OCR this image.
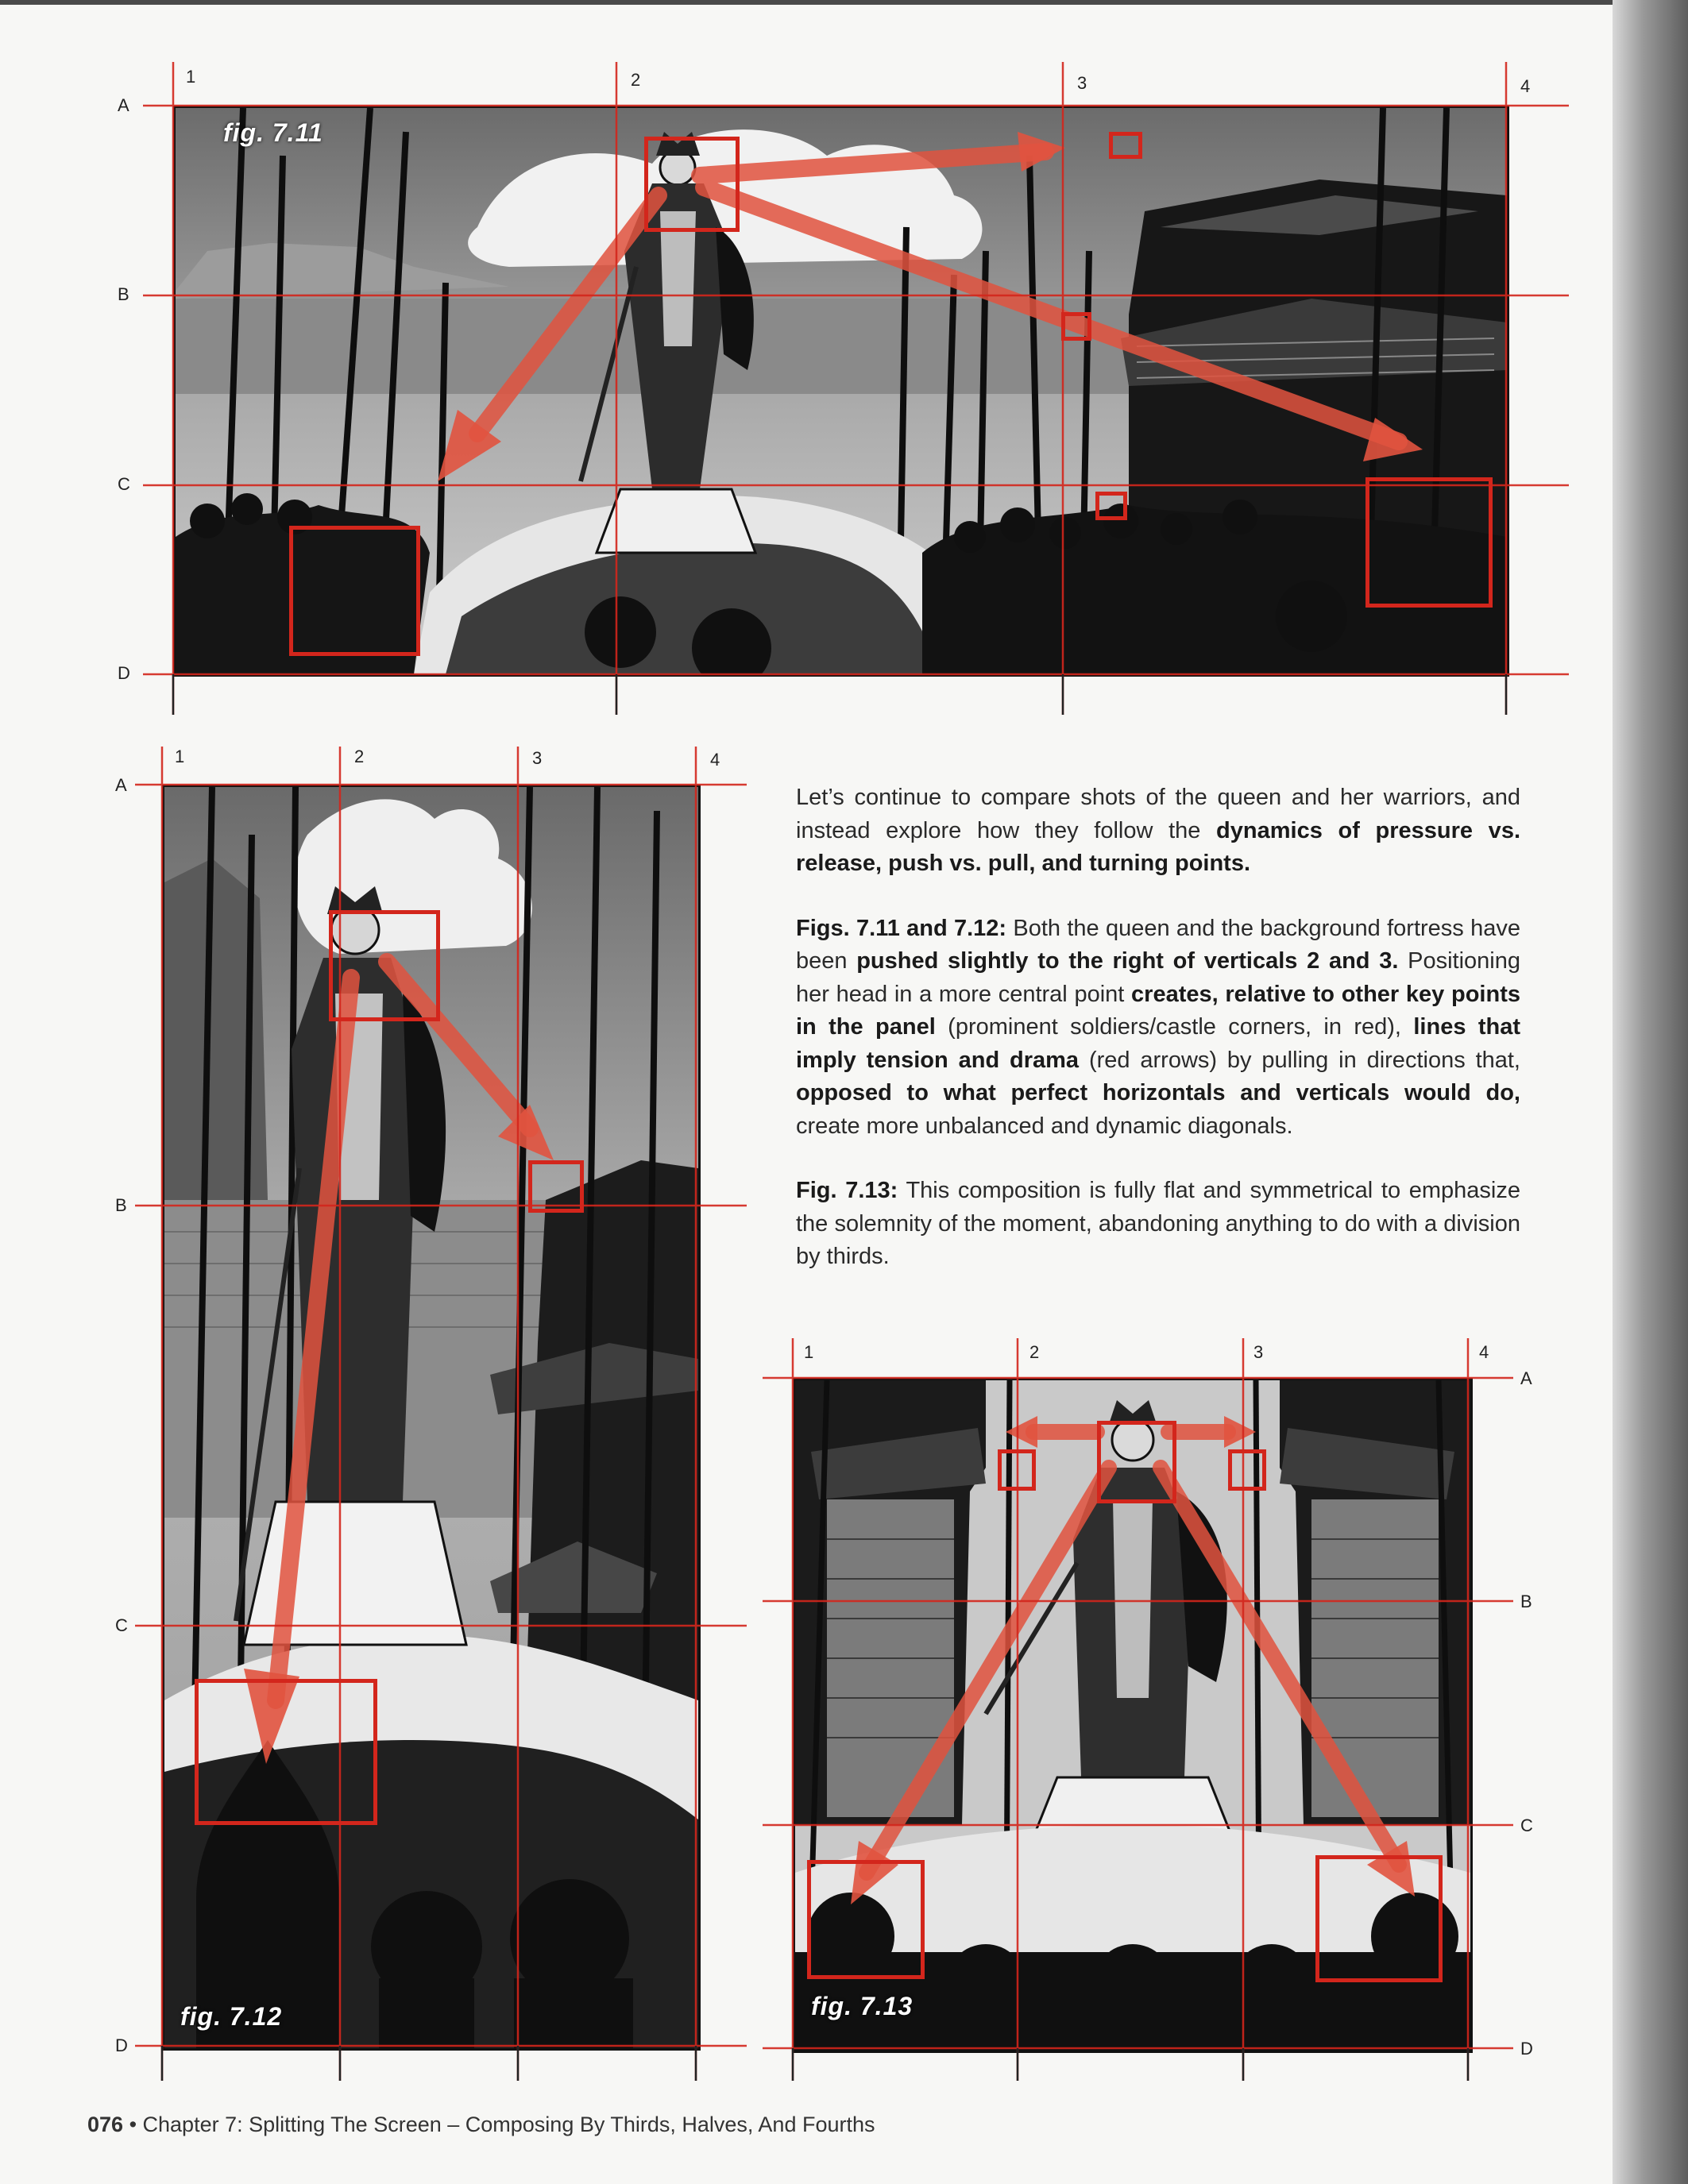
fig. 7.11
fig. 7.12	fig. 7.13
1	2	3	4
A
B
C
D
1	2	3	4
A
B
C
D
1	2	3	4
A
B
C
D

Let’s continue to compare shots of the queen and her warriors, and instead explore how they follow the dynamics of pressure vs. release, push vs. pull, and turning points.

Figs. 7.11 and 7.12: Both the queen and the background fortress have been pushed slightly to the right of verticals 2 and 3. Positioning her head in a more central point creates, relative to other key points in the panel (prominent soldiers/castle corners, in red), lines that imply tension and drama (red arrows) by pulling in directions that, opposed to what perfect horizontals and verticals would do, create more unbalanced and dynamic diagonals.

Fig. 7.13: This composition is fully flat and symmetrical to emphasize the solemnity of the moment, abandoning anything to do with a division by thirds.

076 • Chapter 7: Splitting The Screen – Composing By Thirds, Halves, And Fourths
